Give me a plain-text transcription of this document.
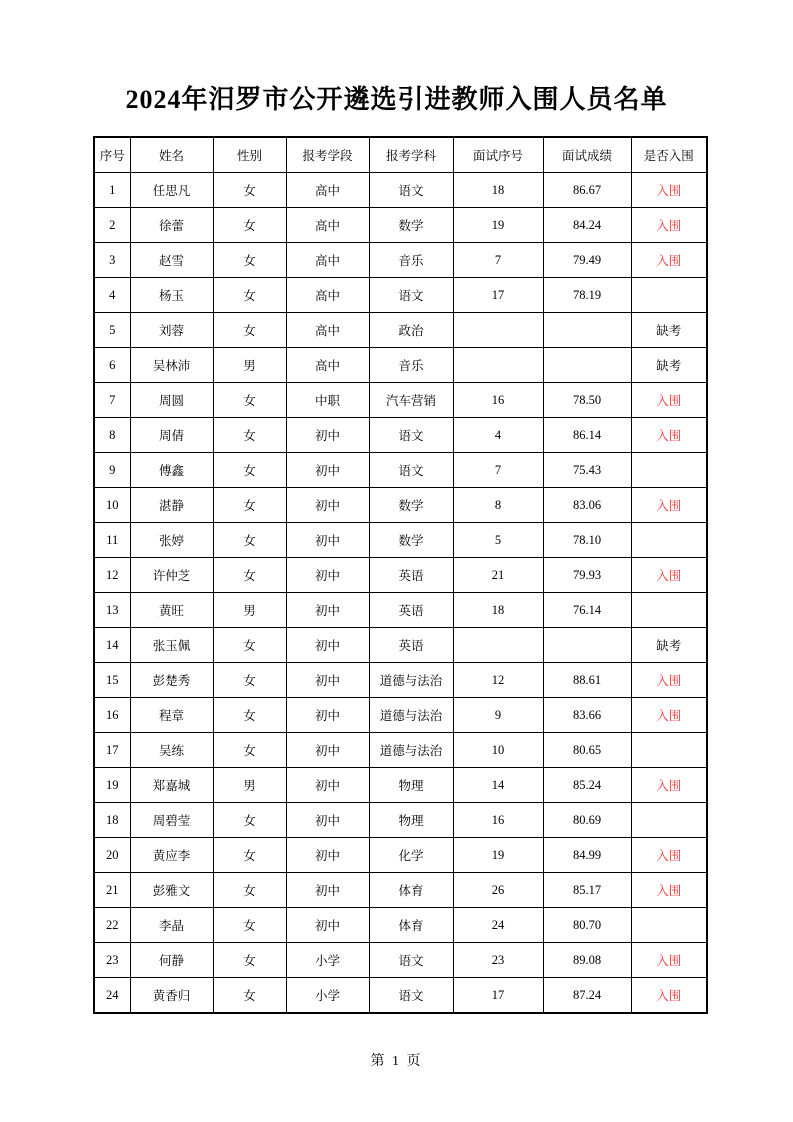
2024年汨罗市公开遴选引进教师入围人员名单
序号	姓名	性别	报考学段	报考学科	面试序号	面试成绩	是否入围
1	任思凡	女	高中	语文	18	86.67	入围
2	徐蕾	女	高中	数学	19	84.24	入围
3	赵雪	女	高中	音乐	7	79.49	入围
4	杨玉	女	高中	语文	17	78.19	
5	刘蓉	女	高中	政治			缺考
6	吴林沛	男	高中	音乐			缺考
7	周圆	女	中职	汽车营销	16	78.50	入围
8	周倩	女	初中	语文	4	86.14	入围
9	傅鑫	女	初中	语文	7	75.43	
10	湛静	女	初中	数学	8	83.06	入围
11	张婷	女	初中	数学	5	78.10	
12	许仲芝	女	初中	英语	21	79.93	入围
13	黄旺	男	初中	英语	18	76.14	
14	张玉佩	女	初中	英语			缺考
15	彭楚秀	女	初中	道德与法治	12	88.61	入围
16	程章	女	初中	道德与法治	9	83.66	入围
17	吴练	女	初中	道德与法治	10	80.65	
19	郑嘉城	男	初中	物理	14	85.24	入围
18	周碧莹	女	初中	物理	16	80.69	
20	黄应李	女	初中	化学	19	84.99	入围
21	彭雅文	女	初中	体育	26	85.17	入围
22	李晶	女	初中	体育	24	80.70	
23	何静	女	小学	语文	23	89.08	入围
24	黄香归	女	小学	语文	17	87.24	入围
第 1 页
